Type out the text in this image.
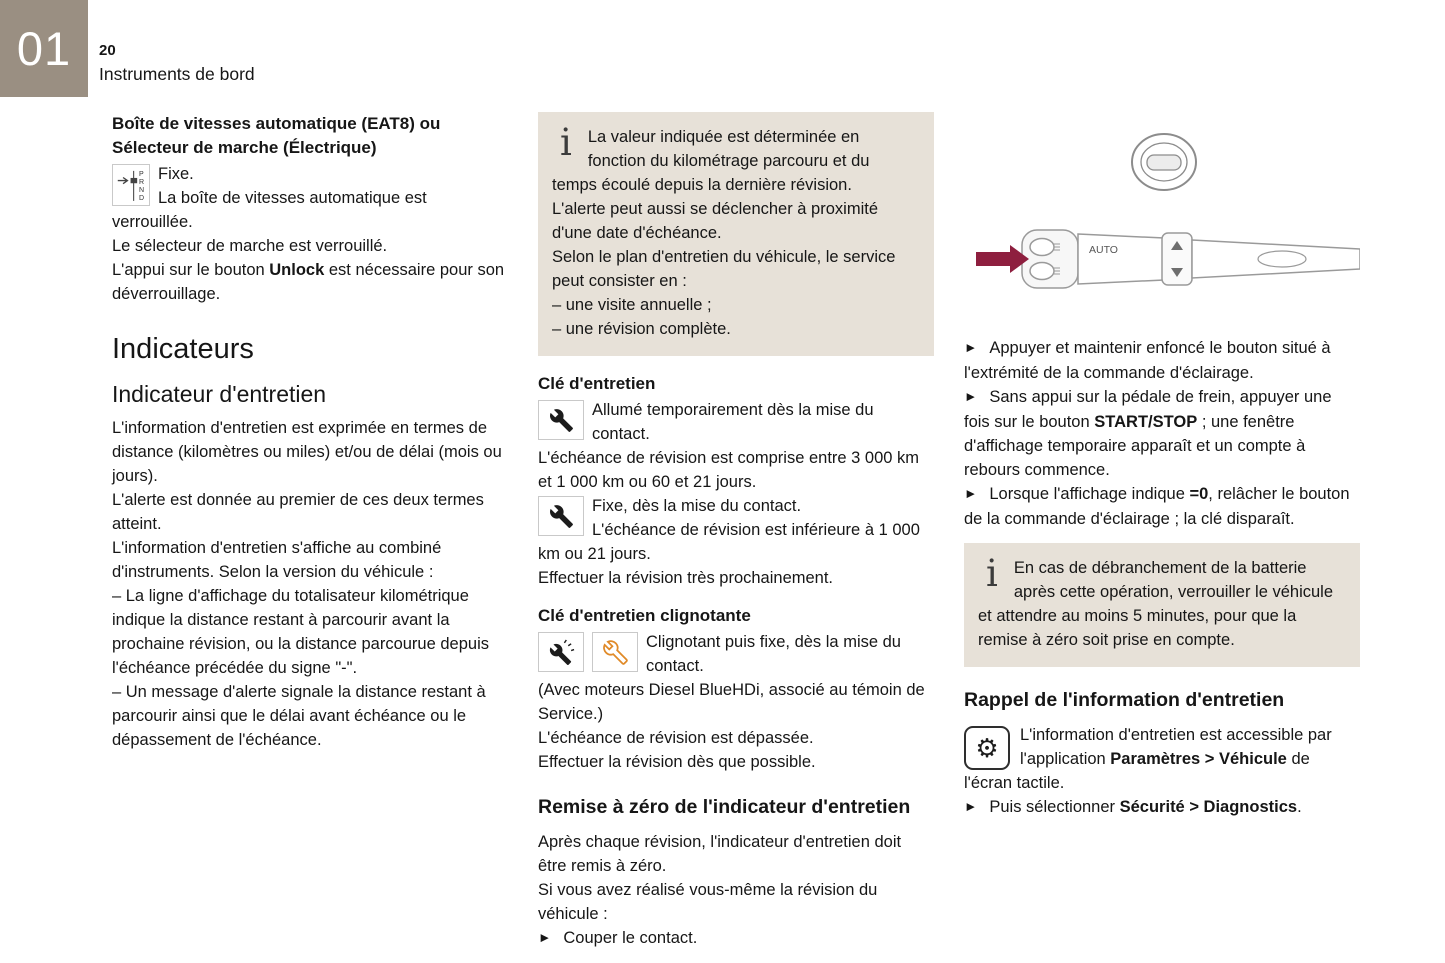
01 20
Instruments de bord
Boîte de vitesses automatique (EAT8) ou Sélecteur de marche (Électrique)
P
R
N
D

Fixe.

La boîte de vitesses automatique est verrouillée.

Le sélecteur de marche est verrouillé.

L'appui sur le bouton Unlock est nécessaire pour son déverrouillage.

Indicateurs
Indicateur d'entretien

L'information d'entretien est exprimée en termes de distance (kilomètres ou miles) et/ou de délai (mois ou jours).

L'alerte est donnée au premier de ces deux termes atteint.

L'information d'entretien s'affiche au combiné d'instruments. Selon la version du véhicule :

– La ligne d'affichage du totalisateur kilométrique indique la distance restant à parcourir avant la prochaine révision, ou la distance parcourue depuis l'échéance précédée du signe "-".

– Un message d'alerte signale la distance restant à parcourir ainsi que le délai avant échéance ou le dépassement de l'échéance.

i La valeur indiquée est déterminée en fonction du kilométrage parcouru et du temps écoulé depuis la dernière révision.

L'alerte peut aussi se déclencher à proximité d'une date d'échéance.

Selon le plan d'entretien du véhicule, le service peut consister en :

– une visite annuelle ;

– une révision complète.

Clé d'entretien

Allumé temporairement dès la mise du contact.

L'échéance de révision est comprise entre 3 000 km et 1 000 km ou 60 et 21 jours.

Fixe, dès la mise du contact.

L'échéance de révision est inférieure à 1 000 km ou 21 jours.

Effectuer la révision très prochainement.

Clé d'entretien clignotante

Clignotant puis fixe, dès la mise du contact.

(Avec moteurs Diesel BlueHDi, associé au témoin de Service.)

L'échéance de révision est dépassée.

Effectuer la révision dès que possible.

Remise à zéro de l'indicateur d'entretien

Après chaque révision, l'indicateur d'entretien doit être remis à zéro.

Si vous avez réalisé vous-même la révision du véhicule :

► Couper le contact.

AUTO

► Appuyer et maintenir enfoncé le bouton situé à l'extrémité de la commande d'éclairage.

► Sans appui sur la pédale de frein, appuyer une fois sur le bouton START/STOP ; une fenêtre d'affichage temporaire apparaît et un compte à rebours commence.

► Lorsque l'affichage indique =0, relâcher le bouton de la commande d'éclairage ; la clé disparaît.

i En cas de débranchement de la batterie après cette opération, verrouiller le véhicule et attendre au moins 5 minutes, pour que la remise à zéro soit prise en compte.

Rappel de l'information d'entretien
⚙	L'information d'entretien est accessible par l'application Paramètres > Véhicule de l'écran tactile.

► Puis sélectionner Sécurité > Diagnostics.
